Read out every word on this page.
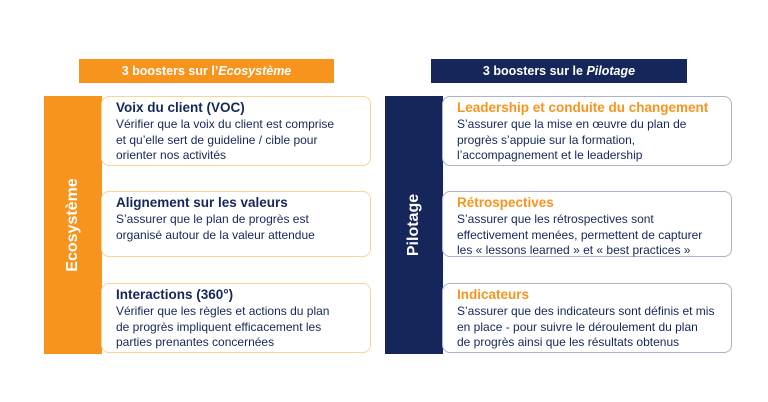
3 boosters sur l’Ecosystème	3 boosters sur le Pilotage
Ecosystème	Pilotage
Voix du client (VOC)
Vérifier que la voix du client est comprise
et qu’elle sert de guideline / cible pour
orienter nos activités
Alignement sur les valeurs
S’assurer que le plan de progrès est
organisé autour de la valeur attendue
Interactions (360°)
Vérifier que les règles et actions du plan
de progrès impliquent efficacement les
parties prenantes concernées
Leadership et conduite du changement
S’assurer que la mise en œuvre du plan de
progrès s’appuie sur la formation,
l’accompagnement et le leadership
Rétrospectives
S’assurer que les rétrospectives sont
effectivement menées, permettent de capturer
les « lessons learned » et « best practices »
Indicateurs
S’assurer que des indicateurs sont définis et mis
en place - pour suivre le déroulement du plan
de progrès ainsi que les résultats obtenus
